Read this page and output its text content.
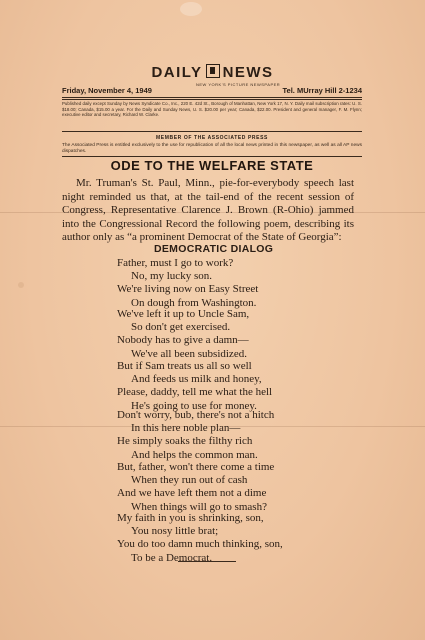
DAILY NEWS
NEW YORK'S PICTURE NEWSPAPER
Friday, November 4, 1949	Tel. MUrray Hill 2-1234
Published daily except Sunday by News Syndicate Co., Inc., 220 E. 42d St., Borough of Manhattan, New York 17, N. Y. Daily mail subscription rates: U. S. $18.00; Canada, $15.00 a year. For the Daily and Sunday News, U. S. $20.00 per year; Canada, $22.00. President and general manager, F. M. Flynn; executive editor and secretary, Richard W. Clarke.
MEMBER OF THE ASSOCIATED PRESS
The Associated Press is entitled exclusively to the use for republication of all the local news printed in this newspaper, as well as all AP news dispatches.
ODE TO THE WELFARE STATE
Mr. Truman's St. Paul, Minn., pie-for-everybody speech last night reminded us that, at the tail-end of the recent session of Congress, Representative Clarence J. Brown (R-Ohio) jammed into the Congressional Record the following poem, describing its author only as “a prominent Democrat of the State of Georgia”:
DEMOCRATIC DIALOG
Father, must I go to work?
No, my lucky son.
We're living now on Easy Street
On dough from Washington.
We've left it up to Uncle Sam,
So don't get exercised.
Nobody has to give a damn—
We've all been subsidized.
But if Sam treats us all so well
And feeds us milk and honey,
Please, daddy, tell me what the hell
He's going to use for money.
Don't worry, bub, there's not a hitch
In this here noble plan—
He simply soaks the filthy rich
And helps the common man.
But, father, won't there come a time
When they run out of cash
And we have left them not a dime
When things will go to smash?
My faith in you is shrinking, son,
You nosy little brat;
You do too damn much thinking, son,
To be a Democrat.
